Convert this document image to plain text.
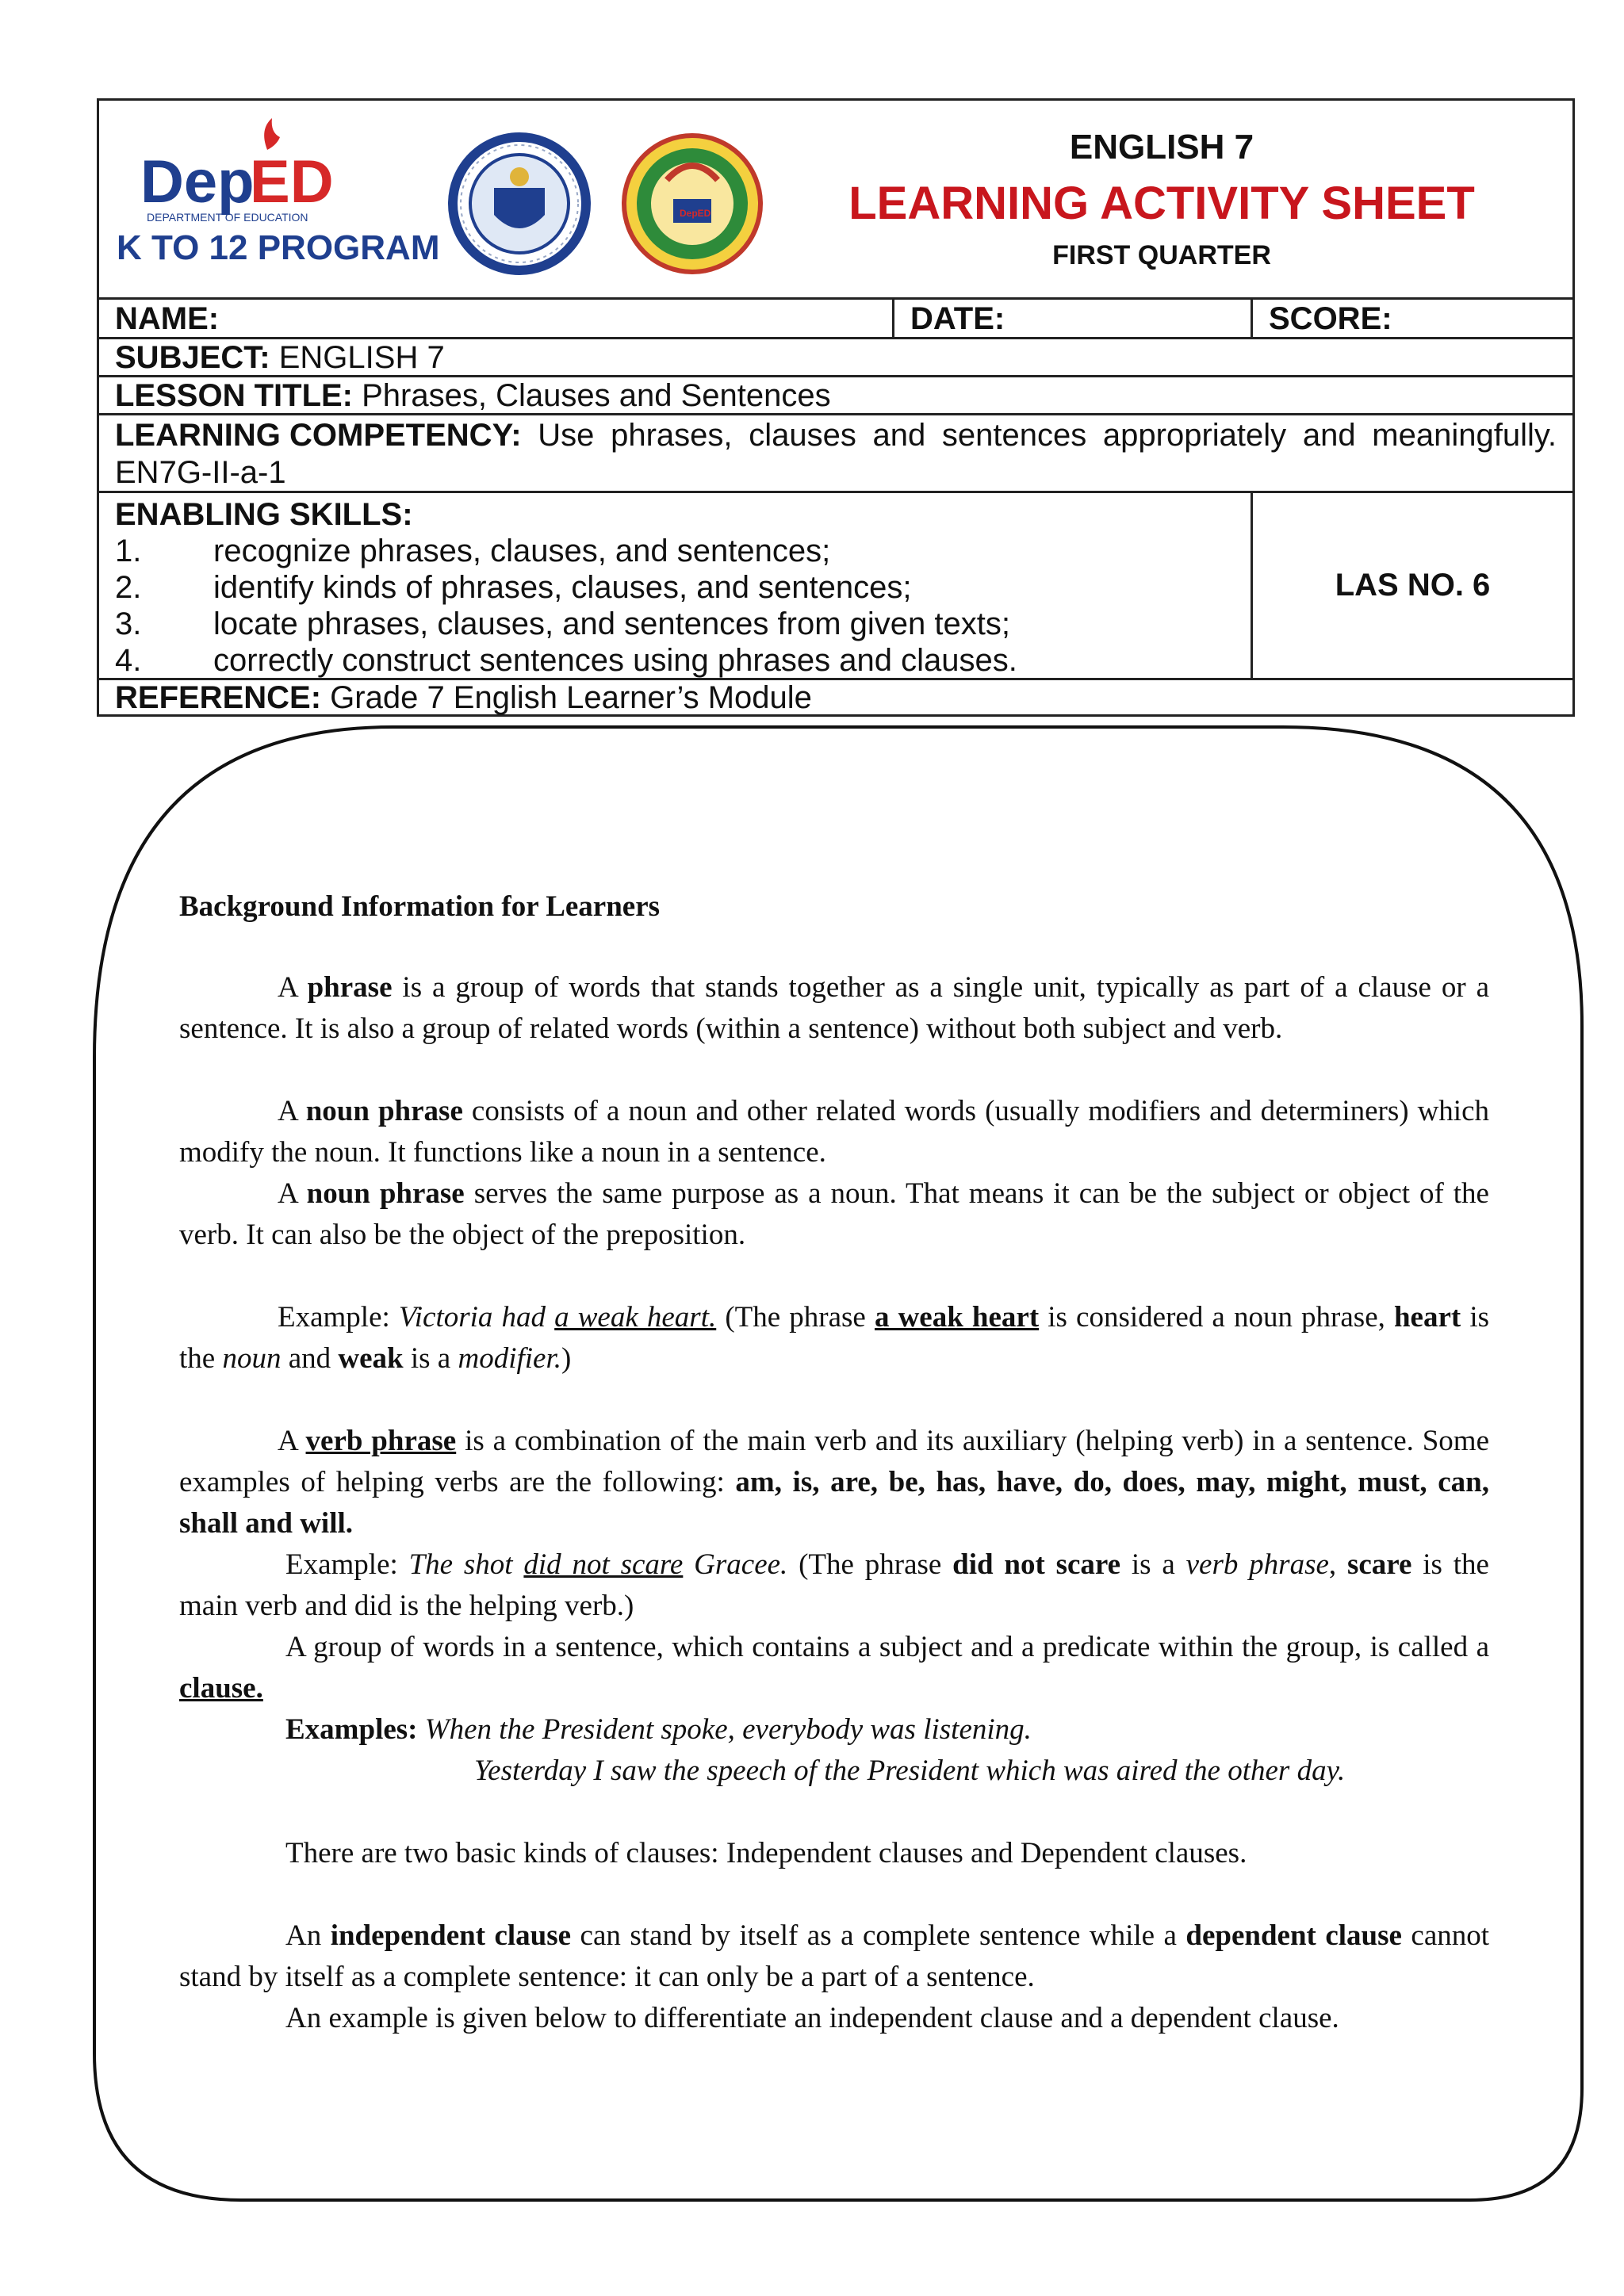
Dep
ED
DEPARTMENT OF EDUCATION
K TO 12 PROGRAM
DepED
ENGLISH 7
LEARNING ACTIVITY SHEET
FIRST QUARTER
NAME:	DATE:	SCORE:
SUBJECT:
ENGLISH 7
LESSON TITLE:
Phrases, Clauses and Sentences
LEARNING COMPETENCY: Use phrases, clauses and sentences appropriately and meaningfully.
EN7G-II-a-1
ENABLING SKILLS:
1.	recognize phrases, clauses, and sentences;
2.	identify kinds of phrases, clauses, and sentences;
3.	locate phrases, clauses, and sentences from given texts;
4.	correctly construct sentences using phrases and clauses.
LAS NO. 6
REFERENCE:
Grade 7 English Learner’s Module

Background Information for Learners

A phrase is a group of words that stands together as a single unit, typically as part of a clause or a sentence. It is also a group of related words (within a sentence) without both subject and verb.

A noun phrase consists of a noun and other related words (usually modifiers and determiners) which modify the noun. It functions like a noun in a sentence.

A noun phrase serves the same purpose as a noun. That means it can be the subject or object of the verb. It can also be the object of the preposition.

Example: Victoria had a weak heart. (The phrase a weak heart is considered a noun phrase, heart is the noun and weak is a modifier.)

A verb phrase is a combination of the main verb and its auxiliary (helping verb) in a sentence. Some examples of helping verbs are the following: am, is, are, be, has, have, do, does, may, might, must, can, shall and will.

Example: The shot did not scare Gracee. (The phrase did not scare is a verb phrase, scare is the main verb and did is the helping verb.)

A group of words in a sentence, which contains a subject and a predicate within the group, is called a clause.

Examples: When the President spoke, everybody was listening.

Yesterday I saw the speech of the President which was aired the other day.

There are two basic kinds of clauses: Independent clauses and Dependent clauses.

An independent clause can stand by itself as a complete sentence while a dependent clause cannot stand by itself as a complete sentence: it can only be a part of a sentence.

An example is given below to differentiate an independent clause and a dependent clause.
